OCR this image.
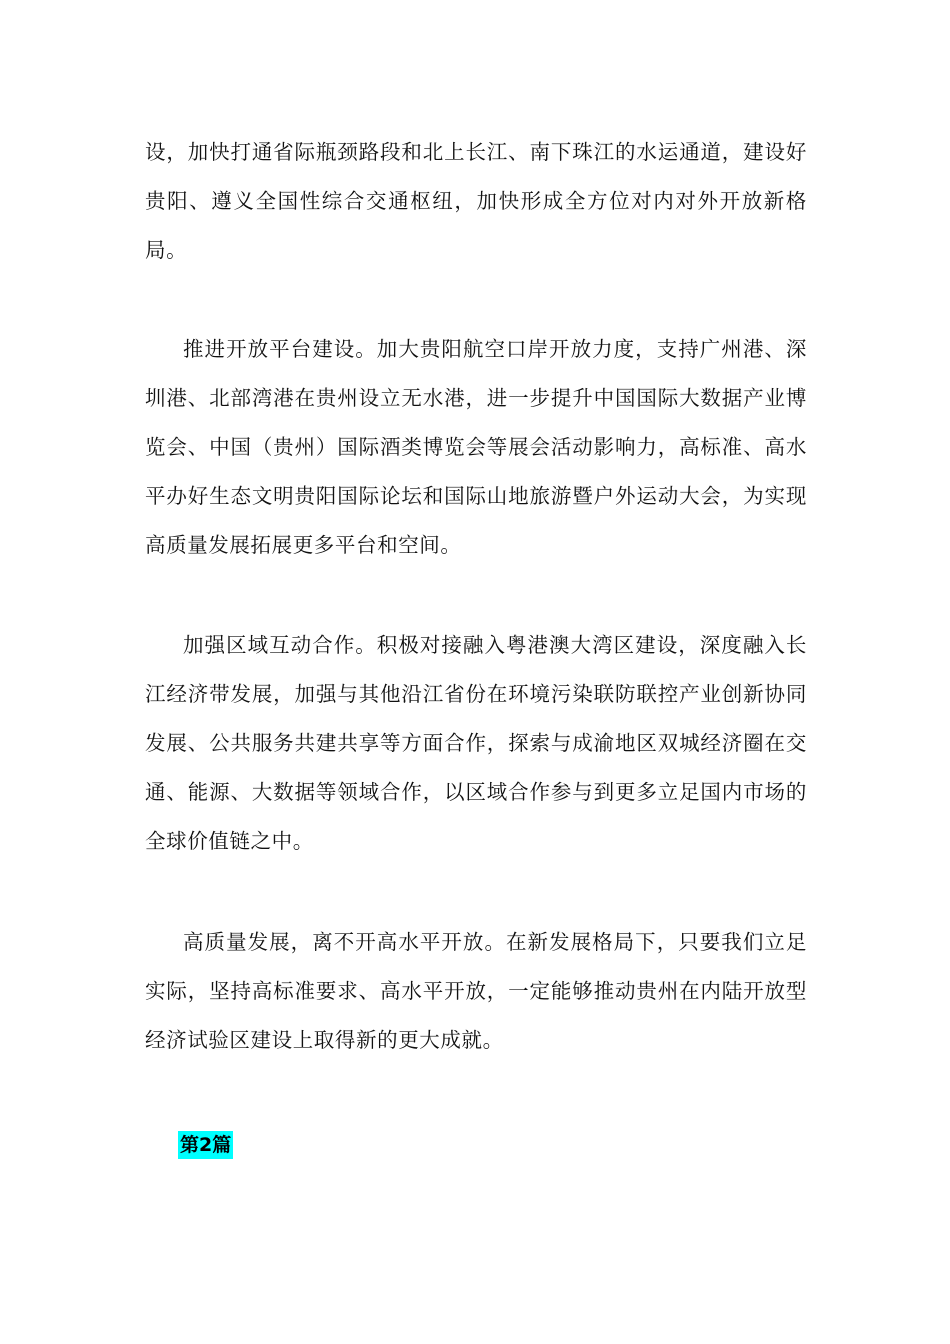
设，加快打通省际瓶颈路段和北上长江、南下珠江的水运通道，建设好贵阳、遵义全国性综合交通枢纽，加快形成全方位对内对外开放新格局。

推进开放平台建设。加大贵阳航空口岸开放力度，支持广州港、深圳港、北部湾港在贵州设立无水港，进一步提升中国国际大数据产业博览会、中国（贵州）国际酒类博览会等展会活动影响力，高标准、高水平办好生态文明贵阳国际论坛和国际山地旅游暨户外运动大会，为实现高质量发展拓展更多平台和空间。

加强区域互动合作。积极对接融入粤港澳大湾区建设，深度融入长江经济带发展，加强与其他沿江省份在环境污染联防联控产业创新协同发展、公共服务共建共享等方面合作，探索与成渝地区双城经济圈在交通、能源、大数据等领域合作，以区域合作参与到更多立足国内市场的全球价值链之中。

高质量发展，离不开高水平开放。在新发展格局下，只要我们立足实际，坚持高标准要求、高水平开放，一定能够推动贵州在内陆开放型经济试验区建设上取得新的更大成就。

第2篇
